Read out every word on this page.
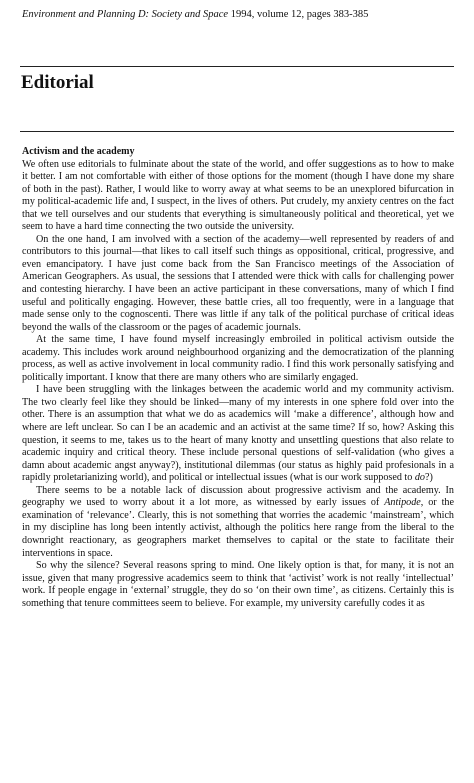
Environment and Planning D: Society and Space 1994, volume 12, pages 383-385
Editorial
Activism and the academy

We often use editorials to fulminate about the state of the world, and offer suggestions as to how to make it better. I am not comfortable with either of those options for the moment (though I have done my share of both in the past). Rather, I would like to worry away at what seems to be an unexplored bifurcation in my political-academic life and, I suspect, in the lives of others. Put crudely, my anxiety centres on the fact that we tell ourselves and our students that everything is simultaneously political and theoretical, yet we seem to have a hard time connecting the two outside the university.

On the one hand, I am involved with a section of the academy—well represented by readers of and contributors to this journal—that likes to call itself such things as oppositional, critical, progressive, and even emancipatory. I have just come back from the San Francisco meetings of the Association of American Geographers. As usual, the sessions that I attended were thick with calls for challenging power and contesting hierarchy. I have been an active participant in these conversations, many of which I find useful and politically engaging. However, these battle cries, all too frequently, were in a language that made sense only to the cognoscenti. There was little if any talk of the political purchase of critical ideas beyond the walls of the classroom or the pages of academic journals.

At the same time, I have found myself increasingly embroiled in political activism outside the academy. This includes work around neighbourhood organizing and the democratization of the planning process, as well as active involvement in local community radio. I find this work personally satisfying and politically important. I know that there are many others who are similarly engaged.

I have been struggling with the linkages between the academic world and my community activism. The two clearly feel like they should be linked—many of my interests in one sphere fold over into the other. There is an assumption that what we do as academics will ‘make a difference’, although how and where are left unclear. So can I be an academic and an activist at the same time? If so, how? Asking this question, it seems to me, takes us to the heart of many knotty and unsettling questions that also relate to academic inquiry and critical theory. These include personal questions of self-validation (who gives a damn about academic angst anyway?), institutional dilemmas (our status as highly paid profesionals in a rapidly proletarianizing world), and political or intellectual issues (what is our work supposed to do?)

There seems to be a notable lack of discussion about progressive activism and the academy. In geography we used to worry about it a lot more, as witnessed by early issues of Antipode, or the examination of ‘relevance’. Clearly, this is not something that worries the academic ‘mainstream’, which in my discipline has long been intently activist, although the politics here range from the liberal to the downright reactionary, as geographers market themselves to capital or the state to facilitate their interventions in space.

So why the silence? Several reasons spring to mind. One likely option is that, for many, it is not an issue, given that many progressive academics seem to think that ‘activist’ work is not really ‘intellectual’ work. If people engage in ‘external’ struggle, they do so ‘on their own time’, as citizens. Certainly this is something that tenure committees seem to believe. For example, my university carefully codes it as
